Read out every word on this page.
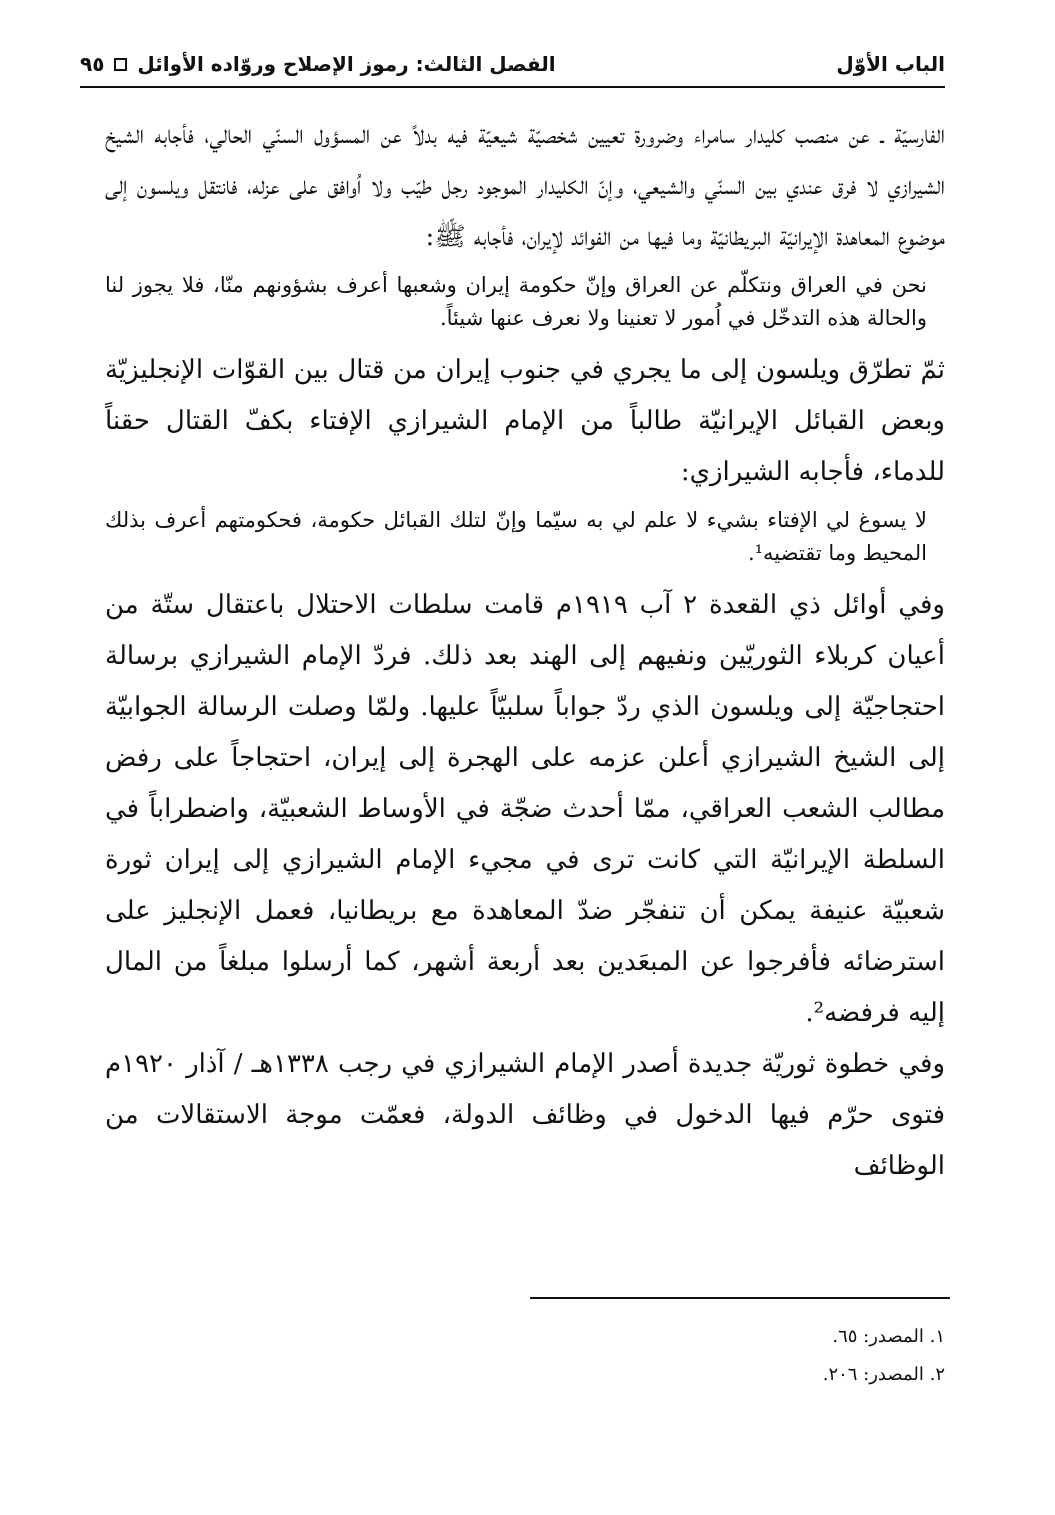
الباب الأوّل
الفصل الثالث: رموز الإصلاح وروّاده الأوائل
٩٥

الفارسيّة ـ عن منصب كليدار سامراء وضرورة تعيين شخصيّة شيعيّة فيه بدلاً عن المسؤول السنّي الحالي، فأجابه الشيخ الشيرازي لا فرق عندي بين السنّي والشيعي، وإنّ الكليدار الموجود رجل طيّب ولا اُوافق على عزله، فانتقل ويلسون إلى موضوع المعاهدة الإيرانيّة البريطانيّة وما فيها من الفوائد لإيران، فأجابه ﷺ:

نحن في العراق ونتكلّم عن العراق وإنّ حكومة إيران وشعبها أعرف بشؤونهم منّا، فلا يجوز لنا والحالة هذه التدخّل في اُمور لا تعنينا ولا نعرف عنها شيئاً.

ثمّ تطرّق ويلسون إلى ما يجري في جنوب إيران من قتال بين القوّات الإنجليزيّة وبعض القبائل الإيرانيّة طالباً من الإمام الشيرازي الإفتاء بكفّ القتال حقناً للدماء، فأجابه الشيرازي:

لا يسوغ لي الإفتاء بشيء لا علم لي به سيّما وإنّ لتلك القبائل حكومة، فحكومتهم أعرف بذلك المحيط وما تقتضيه¹.

وفي أوائل ذي القعدة ٢ آب ١٩١٩م قامت سلطات الاحتلال باعتقال ستّة من أعيان كربلاء الثوريّين ونفيهم إلى الهند بعد ذلك. فردّ الإمام الشيرازي برسالة احتجاجيّة إلى ويلسون الذي ردّ جواباً سلبيّاً عليها. ولمّا وصلت الرسالة الجوابيّة إلى الشيخ الشيرازي أعلن عزمه على الهجرة إلى إيران، احتجاجاً على رفض مطالب الشعب العراقي، ممّا أحدث ضجّة في الأوساط الشعبيّة، واضطراباً في السلطة الإيرانيّة التي كانت ترى في مجيء الإمام الشيرازي إلى إيران ثورة شعبيّة عنيفة يمكن أن تنفجّر ضدّ المعاهدة مع بريطانيا، فعمل الإنجليز على استرضائه فأفرجوا عن المبعَدين بعد أربعة أشهر، كما أرسلوا مبلغاً من المال إليه فرفضه².

وفي خطوة ثوريّة جديدة أصدر الإمام الشيرازي في رجب ١٣٣٨هـ / آذار ١٩٢٠م فتوى حرّم فيها الدخول في وظائف الدولة، فعمّت موجة الاستقالات من الوظائف

١. المصدر: ٦٥.
٢. المصدر: ٢٠٦.
